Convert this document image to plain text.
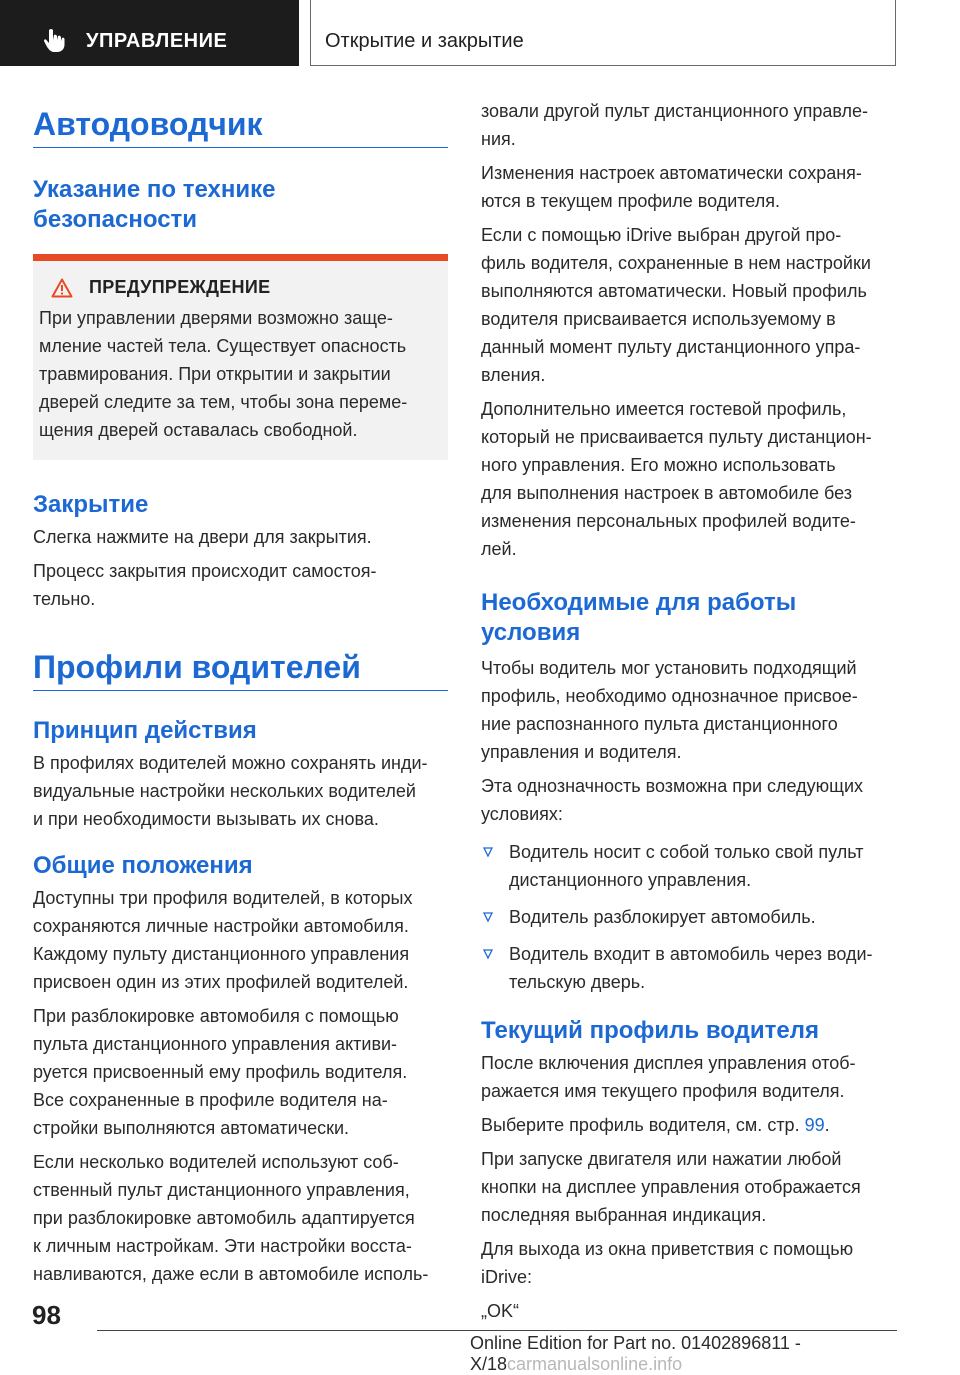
УПРАВЛЕНИЕ	Открытие и закрытие
Автодоводчик
Указание по технике безопасности
ПРЕДУПРЕЖДЕНИЕ

При управлении дверями возможно заще-
мление частей тела. Существует опасность
травмирования. При открытии и закрытии
дверей следите за тем, чтобы зона переме-
щения дверей оставалась свободной.

Закрытие

Слегка нажмите на двери для закрытия.

Процесс закрытия происходит самостоя-
тельно.

Профили водителей
Принцип действия

В профилях водителей можно сохранять инди-
видуальные настройки нескольких водителей
и при необходимости вызывать их снова.

Общие положения

Доступны три профиля водителей, в которых
сохраняются личные настройки автомобиля.
Каждому пульту дистанционного управления
присвоен один из этих профилей водителей.

При разблокировке автомобиля с помощью
пульта дистанционного управления активи-
руется присвоенный ему профиль водителя.
Все сохраненные в профиле водителя на-
стройки выполняются автоматически.

Если несколько водителей используют соб-
ственный пульт дистанционного управления,
при разблокировке автомобиль адаптируется
к личным настройкам. Эти настройки восста-
навливаются, даже если в автомобиле исполь-

зовали другой пульт дистанционного управле-
ния.

Изменения настроек автоматически сохраня-
ются в текущем профиле водителя.

Если с помощью iDrive выбран другой про-
филь водителя, сохраненные в нем настройки
выполняются автоматически. Новый профиль
водителя присваивается используемому в
данный момент пульту дистанционного упра-
вления.

Дополнительно имеется гостевой профиль,
который не присваивается пульту дистанцион-
ного управления. Его можно использовать
для выполнения настроек в автомобиле без
изменения персональных профилей водите-
лей.

Необходимые для работы условия

Чтобы водитель мог установить подходящий
профиль, необходимо однозначное присвое-
ние распознанного пульта дистанционного
управления и водителя.

Эта однозначность возможна при следующих
условиях:

Водитель носит с собой только свой пульт
дистанционного управления.
Водитель разблокирует автомобиль.
Водитель входит в автомобиль через води-
тельскую дверь.
Текущий профиль водителя

После включения дисплея управления отоб-
ражается имя текущего профиля водителя.

Выберите профиль водителя, см. стр. 99.

При запуске двигателя или нажатии любой
кнопки на дисплее управления отображается
последняя выбранная индикация.

Для выхода из окна приветствия с помощью
iDrive:

„OK“

98
Online Edition for Part no. 01402896811 - X/18carmanualsonline.info
